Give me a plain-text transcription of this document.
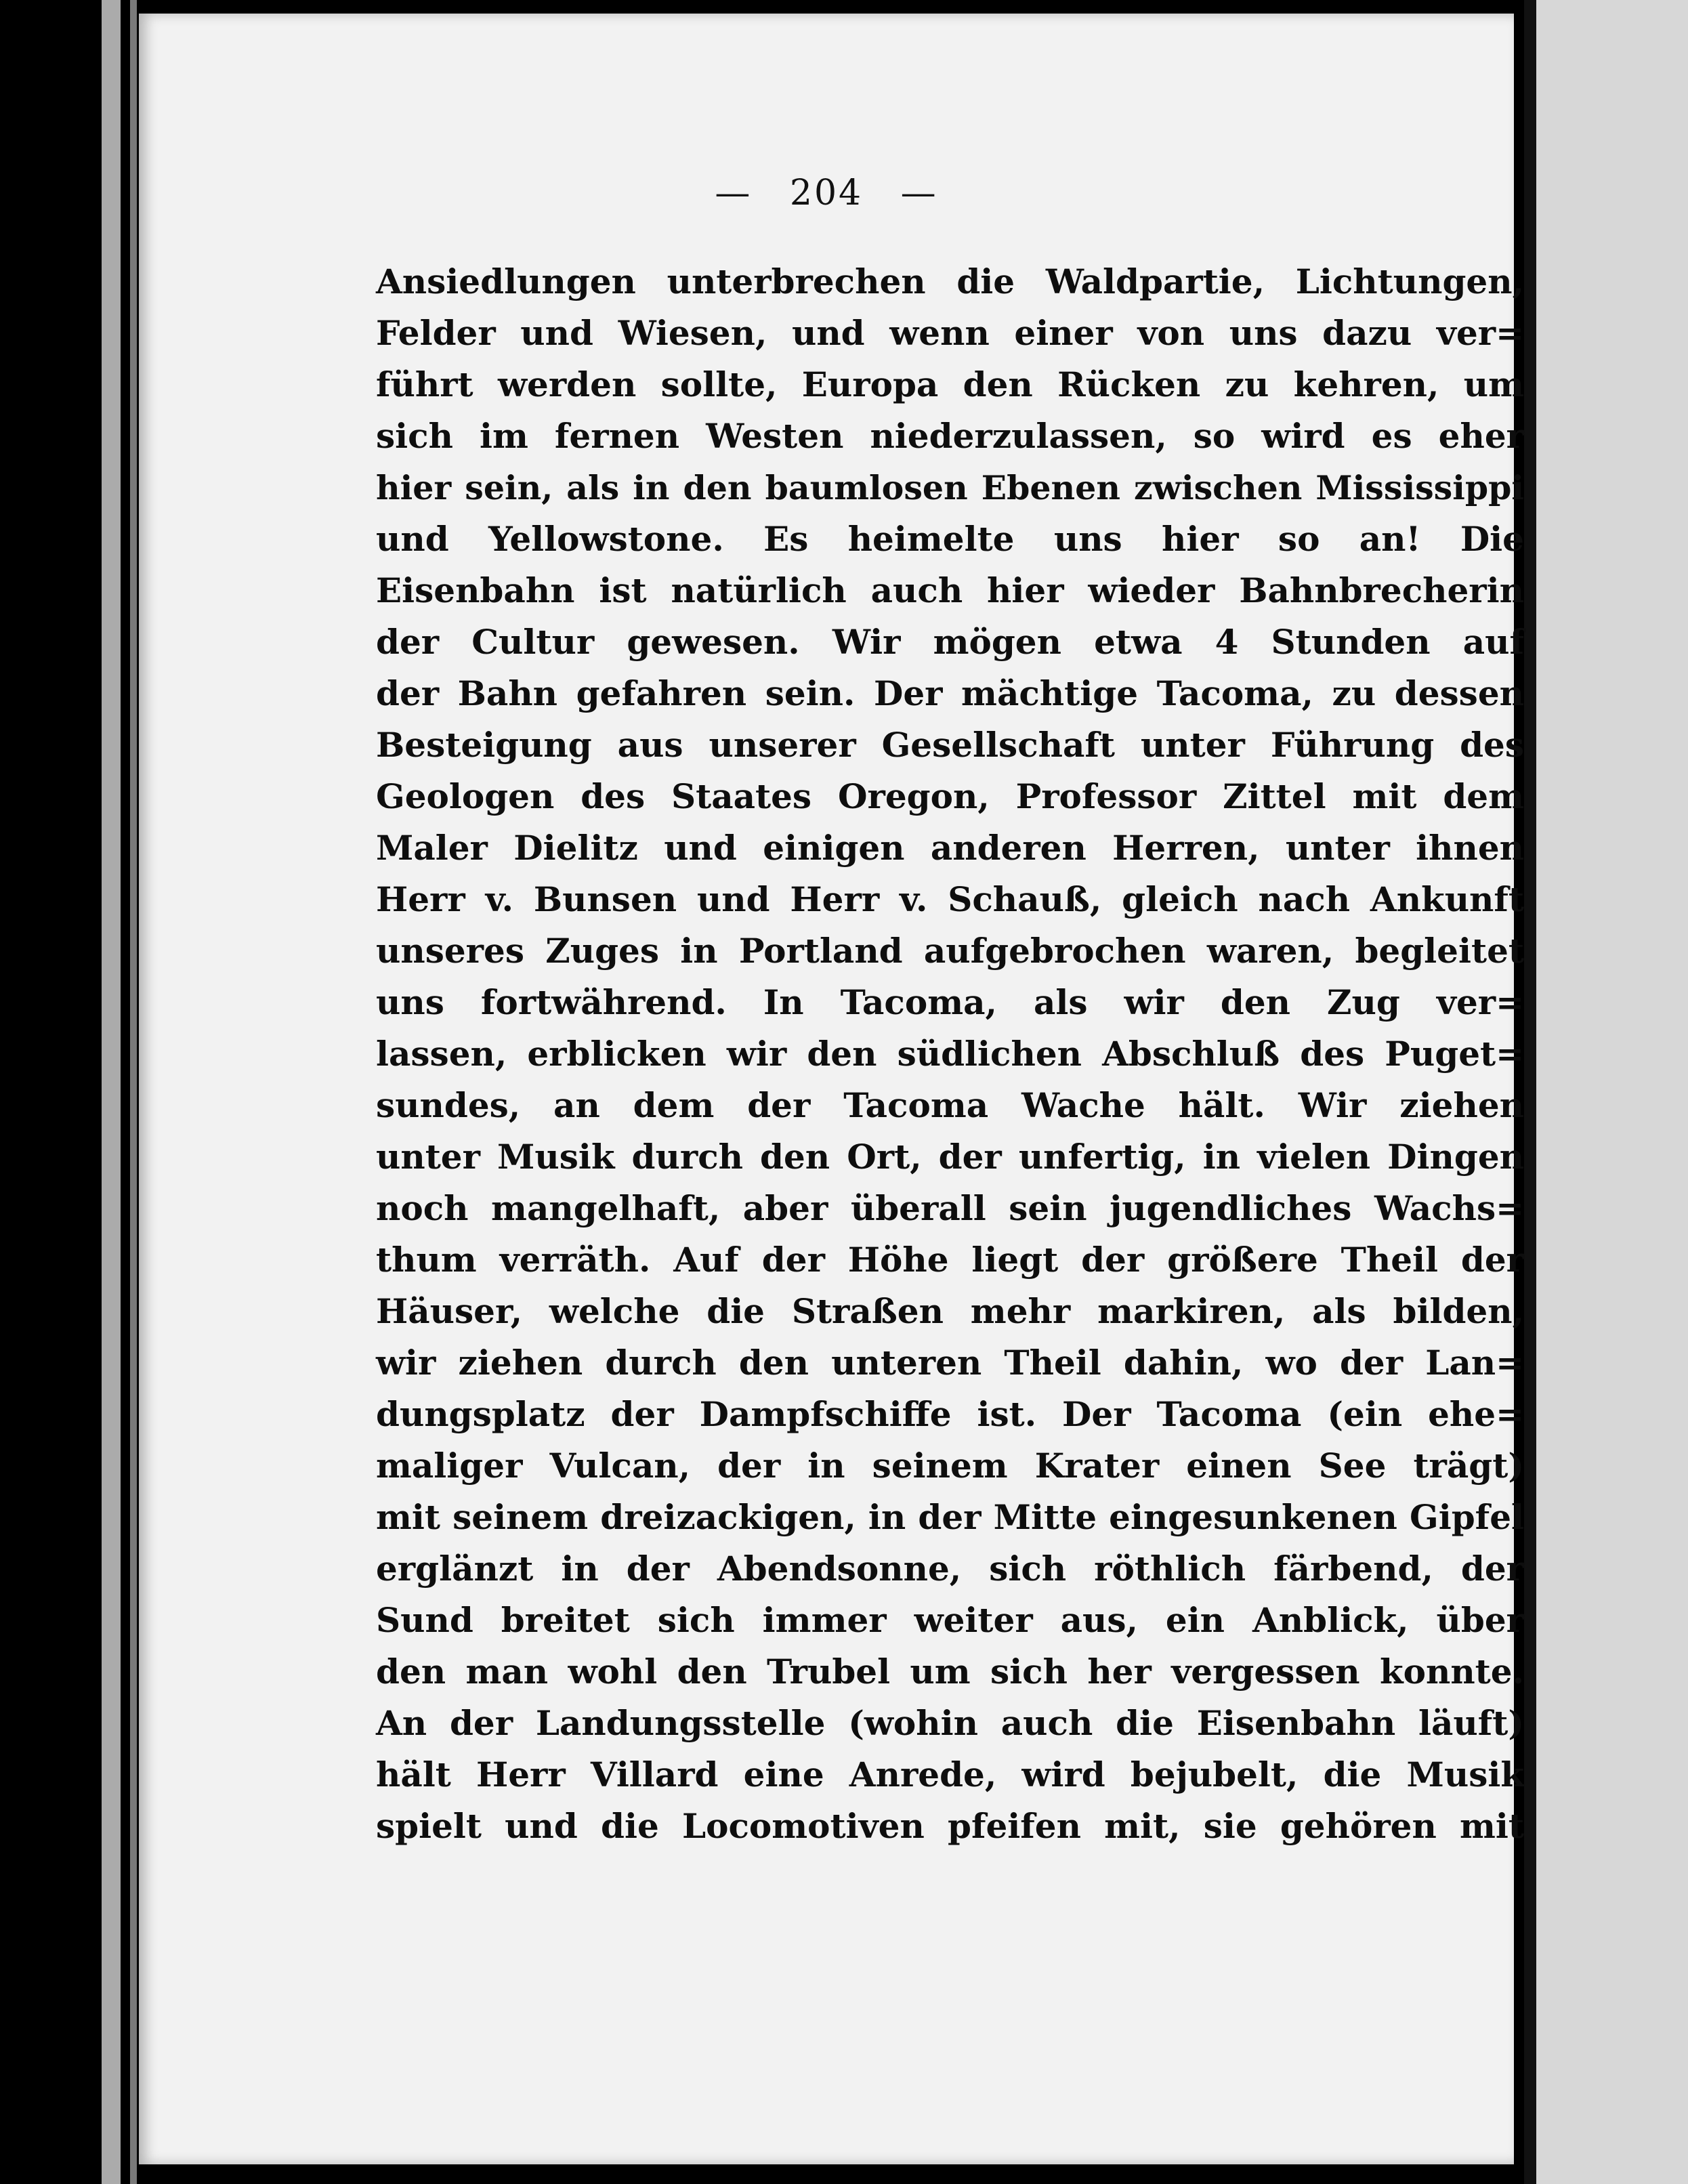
— 204 —
Ansiedlungen unterbrechen die Waldpartie, Lichtungen,
Felder und Wiesen, und wenn einer von uns dazu ver=
führt werden sollte, Europa den Rücken zu kehren, um
sich im fernen Westen niederzulassen, so wird es eher
hier sein, als in den baumlosen Ebenen zwischen Mississippi
und Yellowstone. Es heimelte uns hier so an! Die
Eisenbahn ist natürlich auch hier wieder Bahnbrecherin
der Cultur gewesen. Wir mögen etwa 4 Stunden auf
der Bahn gefahren sein. Der mächtige Tacoma, zu dessen
Besteigung aus unserer Gesellschaft unter Führung des
Geologen des Staates Oregon, Professor Zittel mit dem
Maler Dielitz und einigen anderen Herren, unter ihnen
Herr v. Bunsen und Herr v. Schauß, gleich nach Ankunft
unseres Zuges in Portland aufgebrochen waren, begleitet
uns fortwährend. In Tacoma, als wir den Zug ver=
lassen, erblicken wir den südlichen Abschluß des Puget=
sundes, an dem der Tacoma Wache hält. Wir ziehen
unter Musik durch den Ort, der unfertig, in vielen Dingen
noch mangelhaft, aber überall sein jugendliches Wachs=
thum verräth. Auf der Höhe liegt der größere Theil der
Häuser, welche die Straßen mehr markiren, als bilden,
wir ziehen durch den unteren Theil dahin, wo der Lan=
dungsplatz der Dampfschiffe ist. Der Tacoma (ein ehe=
maliger Vulcan, der in seinem Krater einen See trägt)
mit seinem dreizackigen, in der Mitte eingesunkenen Gipfel
erglänzt in der Abendsonne, sich röthlich färbend, der
Sund breitet sich immer weiter aus, ein Anblick, über
den man wohl den Trubel um sich her vergessen konnte.
An der Landungsstelle (wohin auch die Eisenbahn läuft)
hält Herr Villard eine Anrede, wird bejubelt, die Musik
spielt und die Locomotiven pfeifen mit, sie gehören mit
